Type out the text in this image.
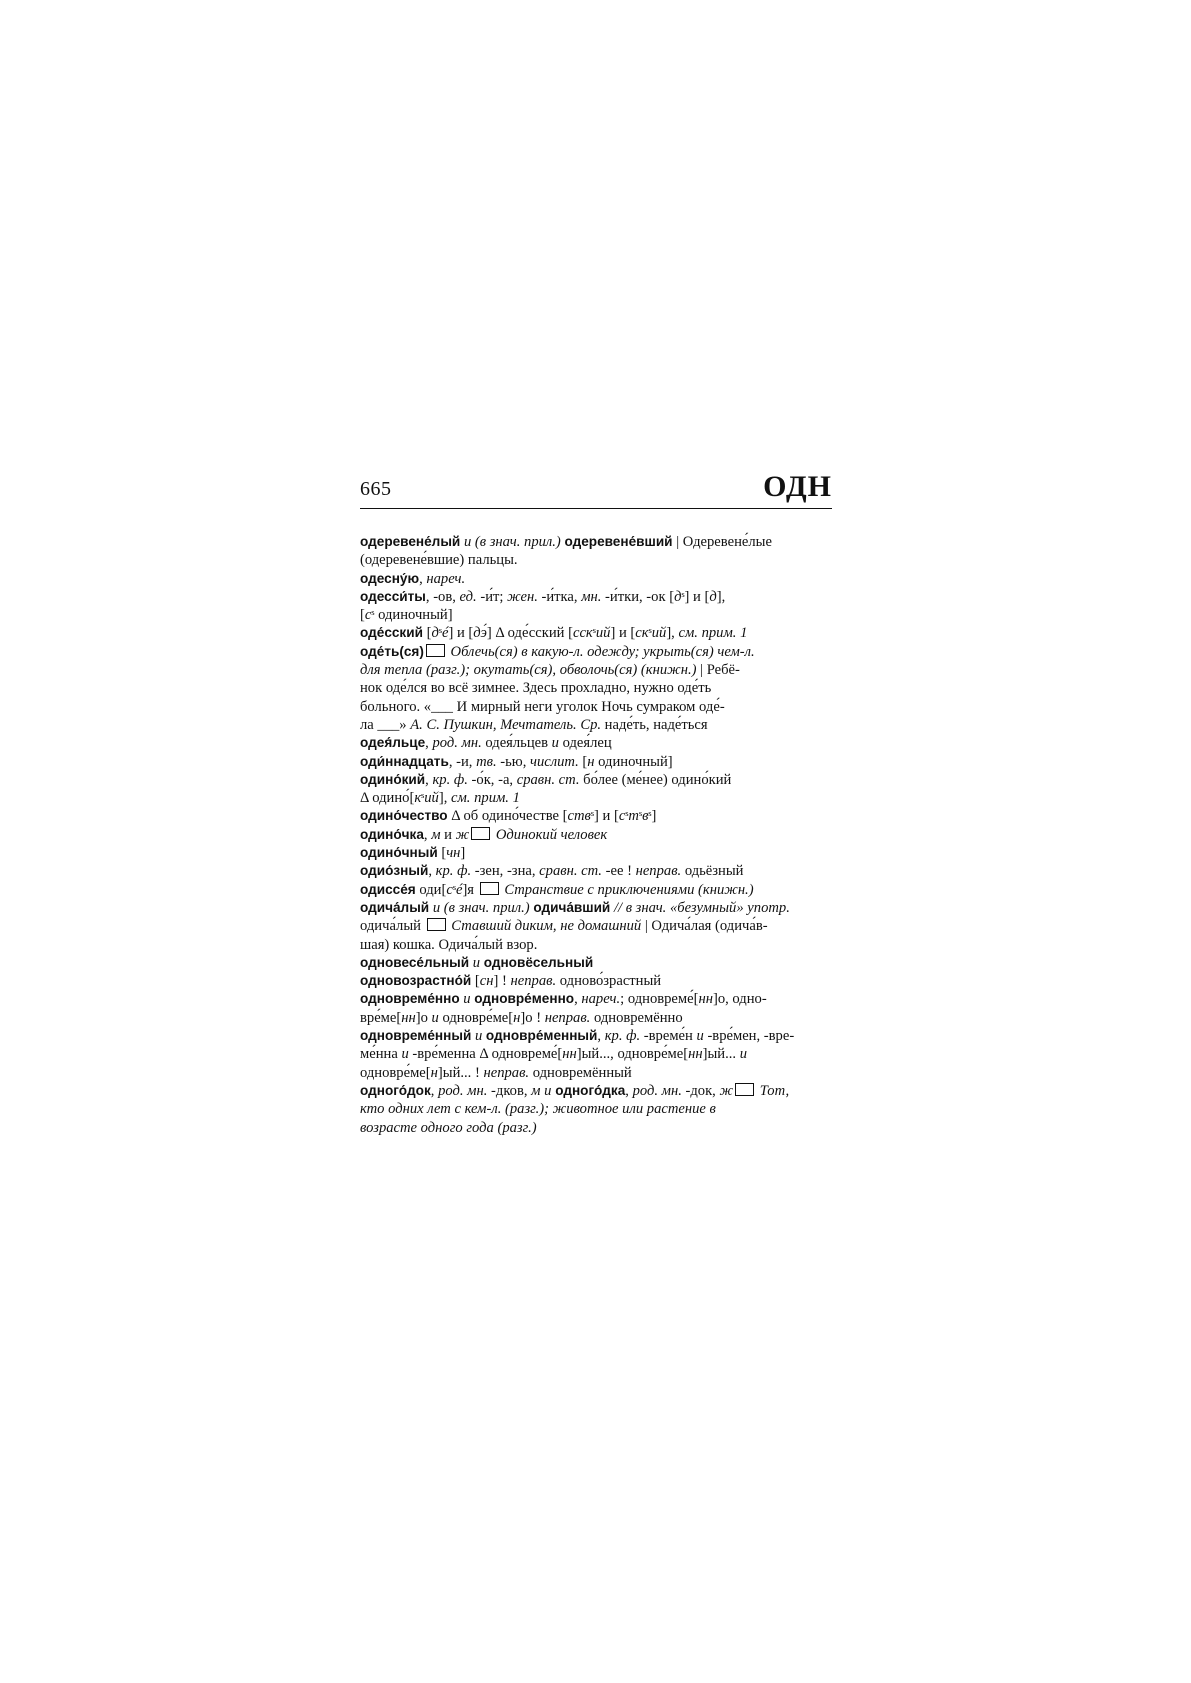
665	ОДН
одеревене́лый и (в знач. прил.) одеревене́вший | Одеревене́лые
(одеревене́вшие) пальцы.
одесну́ю, нареч.
одесси́ты, -ов, ед. -и́т; жен. -и́тка, мн. -и́тки, -ок [дˢ] и [д],
[сˢ одиночный]
оде́сский [дˢé] и [дэ́] Δ оде́сский [сскˢий] и [скˢий], см. прим. 1
оде́ть(ся) Облечь(ся) в какую-л. одежду; укрыть(ся) чем-л.
для тепла (разг.); окутать(ся), обволочь(ся) (книжн.) | Ребё-
нок оде́лся во всё зимнее. Здесь прохладно, нужно оде́ть
больного. «___ И мирный неги уголок Ночь сумраком оде́-
ла ___» А. С. Пушкин, Мечтатель. Ср. наде́ть, наде́ться
одея́льце, род. мн. одея́льцев и одея́лец
оди́ннадцать, -и, тв. -ью, числит. [н одиночный]
одино́кий, кр. ф. -о́к, -а, сравн. ст. бо́лее (ме́нее) одино́кий
Δ одино́[кˢий], см. прим. 1
одино́чество Δ об одино́честве [ствˢ] и [сˢтˢвˢ]
одино́чка, м и ж Одинокий человек
одино́чный [чн]
одио́зный, кр. ф. -зен, -зна, сравн. ст. -ее ! неправ. одьёзный
одиссе́я оди[сˢé]я  Странствие с приключениями (книжн.)
одича́лый и (в знач. прил.) одича́вший // в знач. «безумный» употр.
одича́лый  Ставший диким, не домашний | Одича́лая (одича́в-
шая) кошка. Одича́лый взор.
одновесе́льный и одновёсельный
одновозрастно́й [сн] ! неправ. одново́зрастный
одновреме́нно и одновре́менно, нареч.; одновреме́[нн]о, одно-
вре́ме[нн]о и одновре́ме[н]о ! неправ. одновремённо
одновреме́нный и одновре́менный, кр. ф. -време́н и -вре́мен, -вре-
ме́нна и -вре́менна Δ одновреме́[нн]ый..., одновре́ме[нн]ый... и
одновре́ме[н]ый... ! неправ. одновремённый
одного́док, род. мн. -дков, м и одного́дка, род. мн. -док, ж Тот,
кто одних лет с кем-л. (разг.); животное или растение в
возрасте одного года (разг.)
